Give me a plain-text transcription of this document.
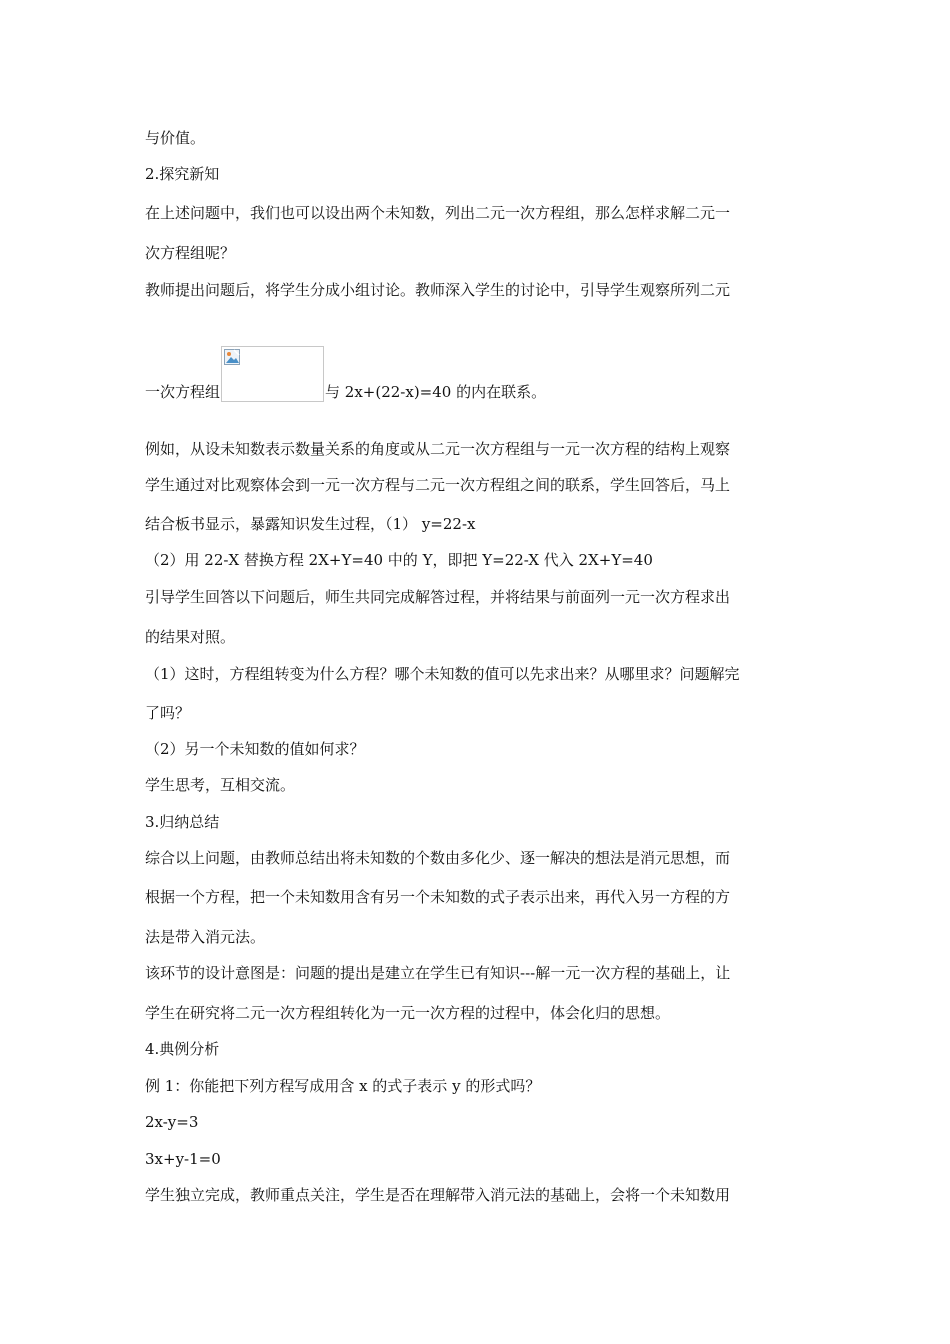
与价值。
2.探究新知
在上述问题中，我们也可以设出两个未知数，列出二元一次方程组，那么怎样求解二元一
次方程组呢？
教师提出问题后，将学生分成小组讨论。教师深入学生的讨论中，引导学生观察所列二元
一次方程组	与 2x+(22-x)=40 的内在联系。
例如，从设未知数表示数量关系的角度或从二元一次方程组与一元一次方程的结构上观察
学生通过对比观察体会到一元一次方程与二元一次方程组之间的联系，学生回答后，马上
结合板书显示，暴露知识发生过程，（1） y=22-x
（2）用 22-X 替换方程 2X+Y=40 中的 Y，即把 Y=22-X 代入 2X+Y=40
引导学生回答以下问题后，师生共同完成解答过程，并将结果与前面列一元一次方程求出
的结果对照。
（1）这时，方程组转变为什么方程？哪个未知数的值可以先求出来？从哪里求？问题解完
了吗？
（2）另一个未知数的值如何求？
学生思考，互相交流。
3.归纳总结
综合以上问题，由教师总结出将未知数的个数由多化少、逐一解决的想法是消元思想，而
根据一个方程，把一个未知数用含有另一个未知数的式子表示出来，再代入另一方程的方
法是带入消元法。
该环节的设计意图是：问题的提出是建立在学生已有知识---解一元一次方程的基础上，让
学生在研究将二元一次方程组转化为一元一次方程的过程中，体会化归的思想。
4.典例分析
例 1：你能把下列方程写成用含 x 的式子表示 y 的形式吗？
2x-y=3
3x+y-1=0
学生独立完成，教师重点关注，学生是否在理解带入消元法的基础上，会将一个未知数用
